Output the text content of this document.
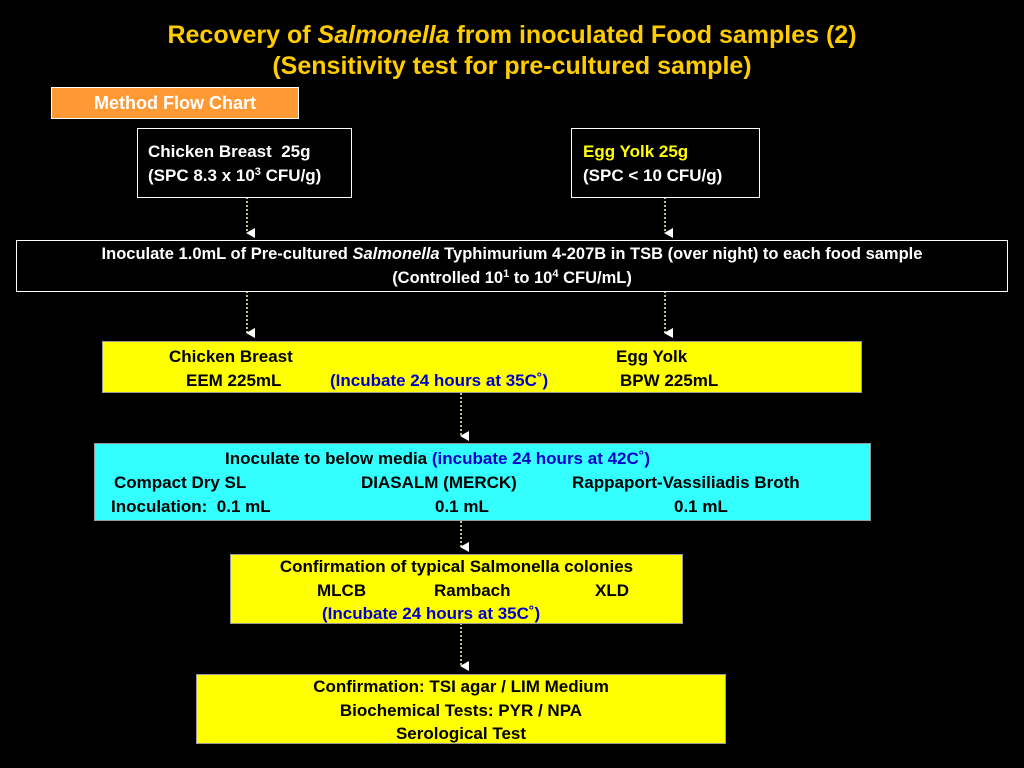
Recovery of Salmonella from inoculated Food samples (2)
(Sensitivity test for pre-cultured sample)
Method Flow Chart
Chicken Breast  25g
(SPC 8.3 x $10^3$ CFU/g)
Egg Yolk 25g
(SPC < 10 CFU/g)
Inoculate 1.0mL of Pre-cultured Salmonella Typhimurium 4-207B in TSB (over night) to each food sample
(Controlled $10^1$ to $10^4$ CFU/mL)
Chicken Breast	Egg Yolk
EEM 225mL	(Incubate 24 hours at 35C˚)	BPW 225mL
Inoculate to below media (incubate 24 hours at 42C˚)
Compact Dry SL	DIASALM (MERCK)	Rappaport-Vassiliadis Broth
Inoculation:  0.1 mL	0.1 mL	0.1 mL
Confirmation of typical Salmonella colonies
MLCB	Rambach	XLD
(Incubate 24 hours at 35C˚)
Confirmation: TSI agar / LIM Medium
Biochemical Tests: PYR / NPA
Serological Test
